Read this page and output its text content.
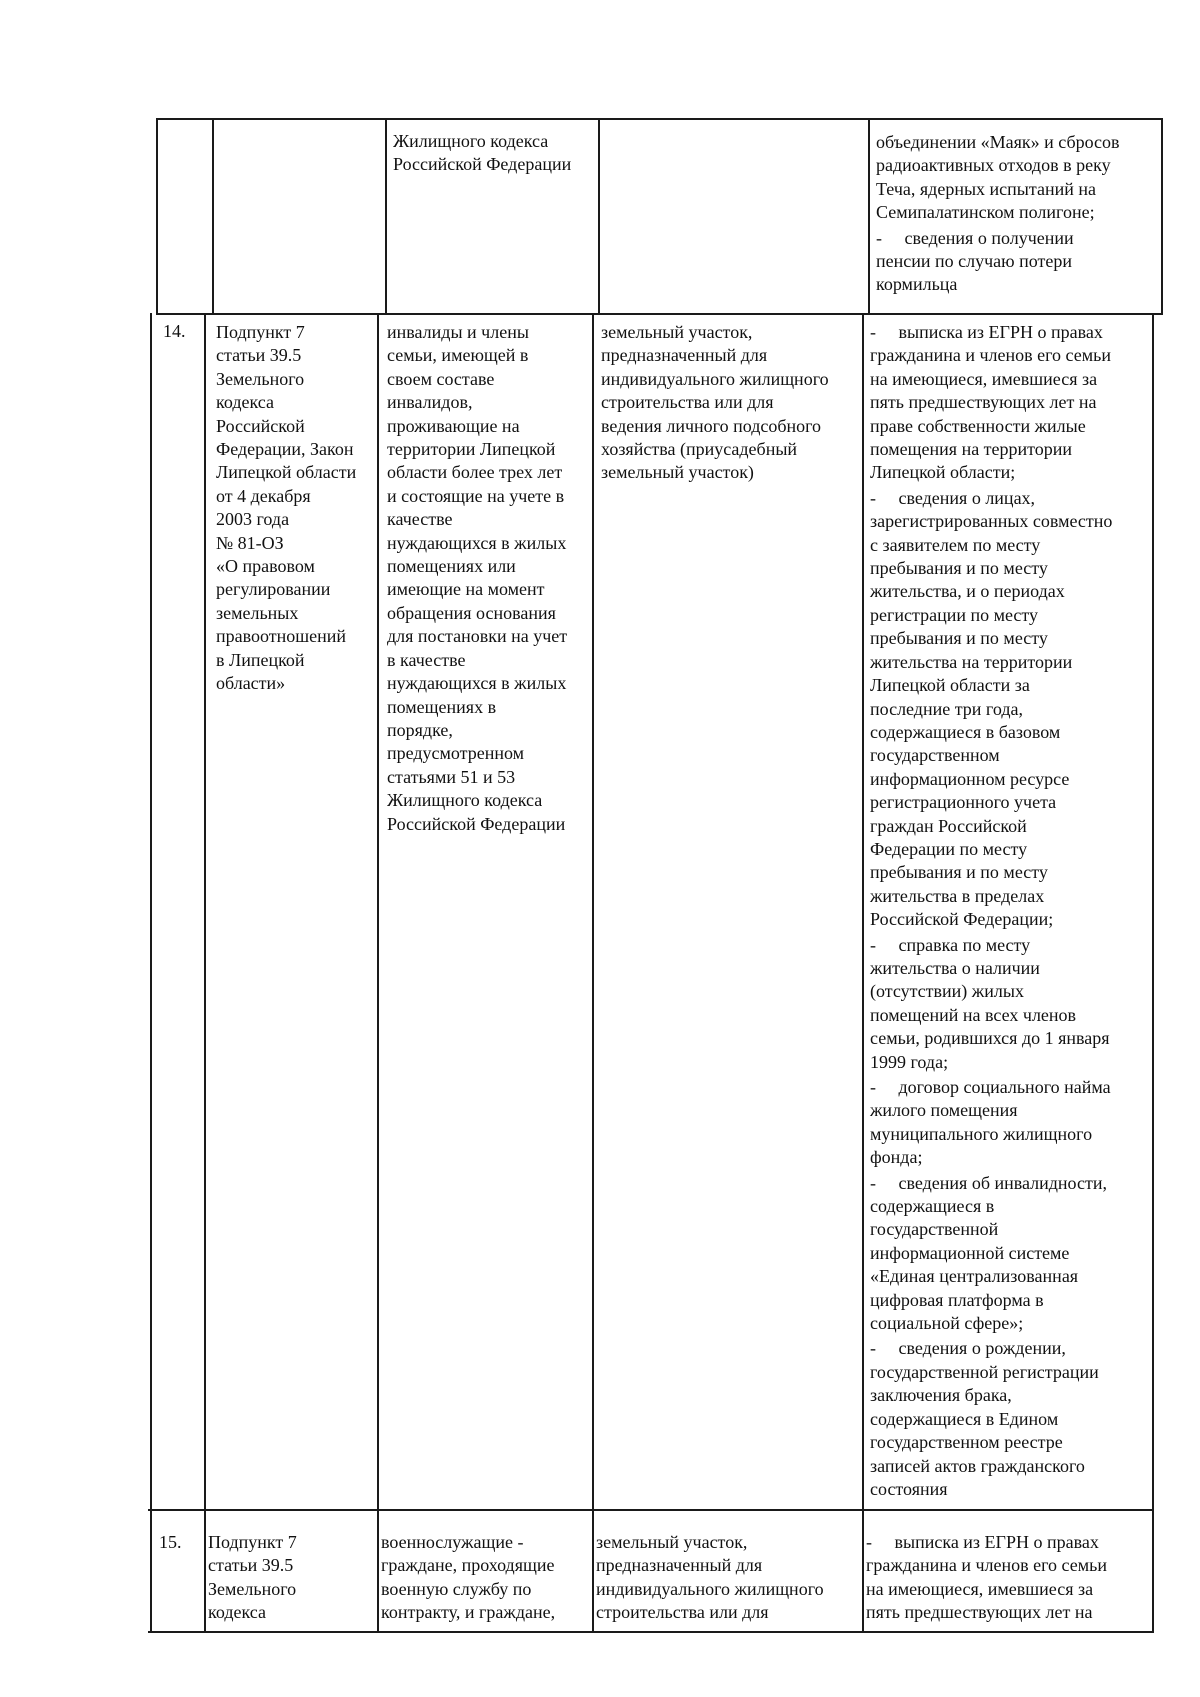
Жилищного кодекса
Российской Федерации
объединении «Маяк» и сбросов
радиоактивных отходов в реку
Теча, ядерных испытаний на
Семипалатинском полигоне;
-     сведения о получении
пенсии по случаю потери
кормильца
14. Подпункт 7
статьи 39.5
Земельного
кодекса
Российской
Федерации, Закон
Липецкой области
от 4 декабря
2003 года
№ 81-ОЗ
«О правовом
регулировании
земельных
правоотношений
в Липецкой
области»
инвалиды и члены
семьи, имеющей в
своем составе
инвалидов,
проживающие на
территории Липецкой
области более трех лет
и состоящие на учете в
качестве
нуждающихся в жилых
помещениях или
имеющие на момент
обращения основания
для постановки на учет
в качестве
нуждающихся в жилых
помещениях в
порядке,
предусмотренном
статьями 51 и 53
Жилищного кодекса
Российской Федерации
земельный участок,
предназначенный для
индивидуального жилищного
строительства или для
ведения личного подсобного
хозяйства (приусадебный
земельный участок)
-     выписка из ЕГРН о правах
гражданина и членов его семьи
на имеющиеся, имевшиеся за
пять предшествующих лет на
праве собственности жилые
помещения на территории
Липецкой области;
-     сведения о лицах,
зарегистрированных совместно
с заявителем по месту
пребывания и по месту
жительства, и о периодах
регистрации по месту
пребывания и по месту
жительства на территории
Липецкой области за
последние три года,
содержащиеся в базовом
государственном
информационном ресурсе
регистрационного учета
граждан Российской
Федерации по месту
пребывания и по месту
жительства в пределах
Российской Федерации;
-     справка по месту
жительства о наличии
(отсутствии) жилых
помещений на всех членов
семьи, родившихся до 1 января
1999 года;
-     договор социального найма
жилого помещения
муниципального жилищного
фонда;
-     сведения об инвалидности,
содержащиеся в
государственной
информационной системе
«Единая централизованная
цифровая платформа в
социальной сфере»;
-     сведения о рождении,
государственной регистрации
заключения брака,
содержащиеся в Едином
государственном реестре
записей актов гражданского
состояния
15. Подпункт 7
статьи 39.5
Земельного
кодекса
военнослужащие -
граждане, проходящие
военную службу по
контракту, и граждане,
земельный участок,
предназначенный для
индивидуального жилищного
строительства или для
-     выписка из ЕГРН о правах
гражданина и членов его семьи
на имеющиеся, имевшиеся за
пять предшествующих лет на
